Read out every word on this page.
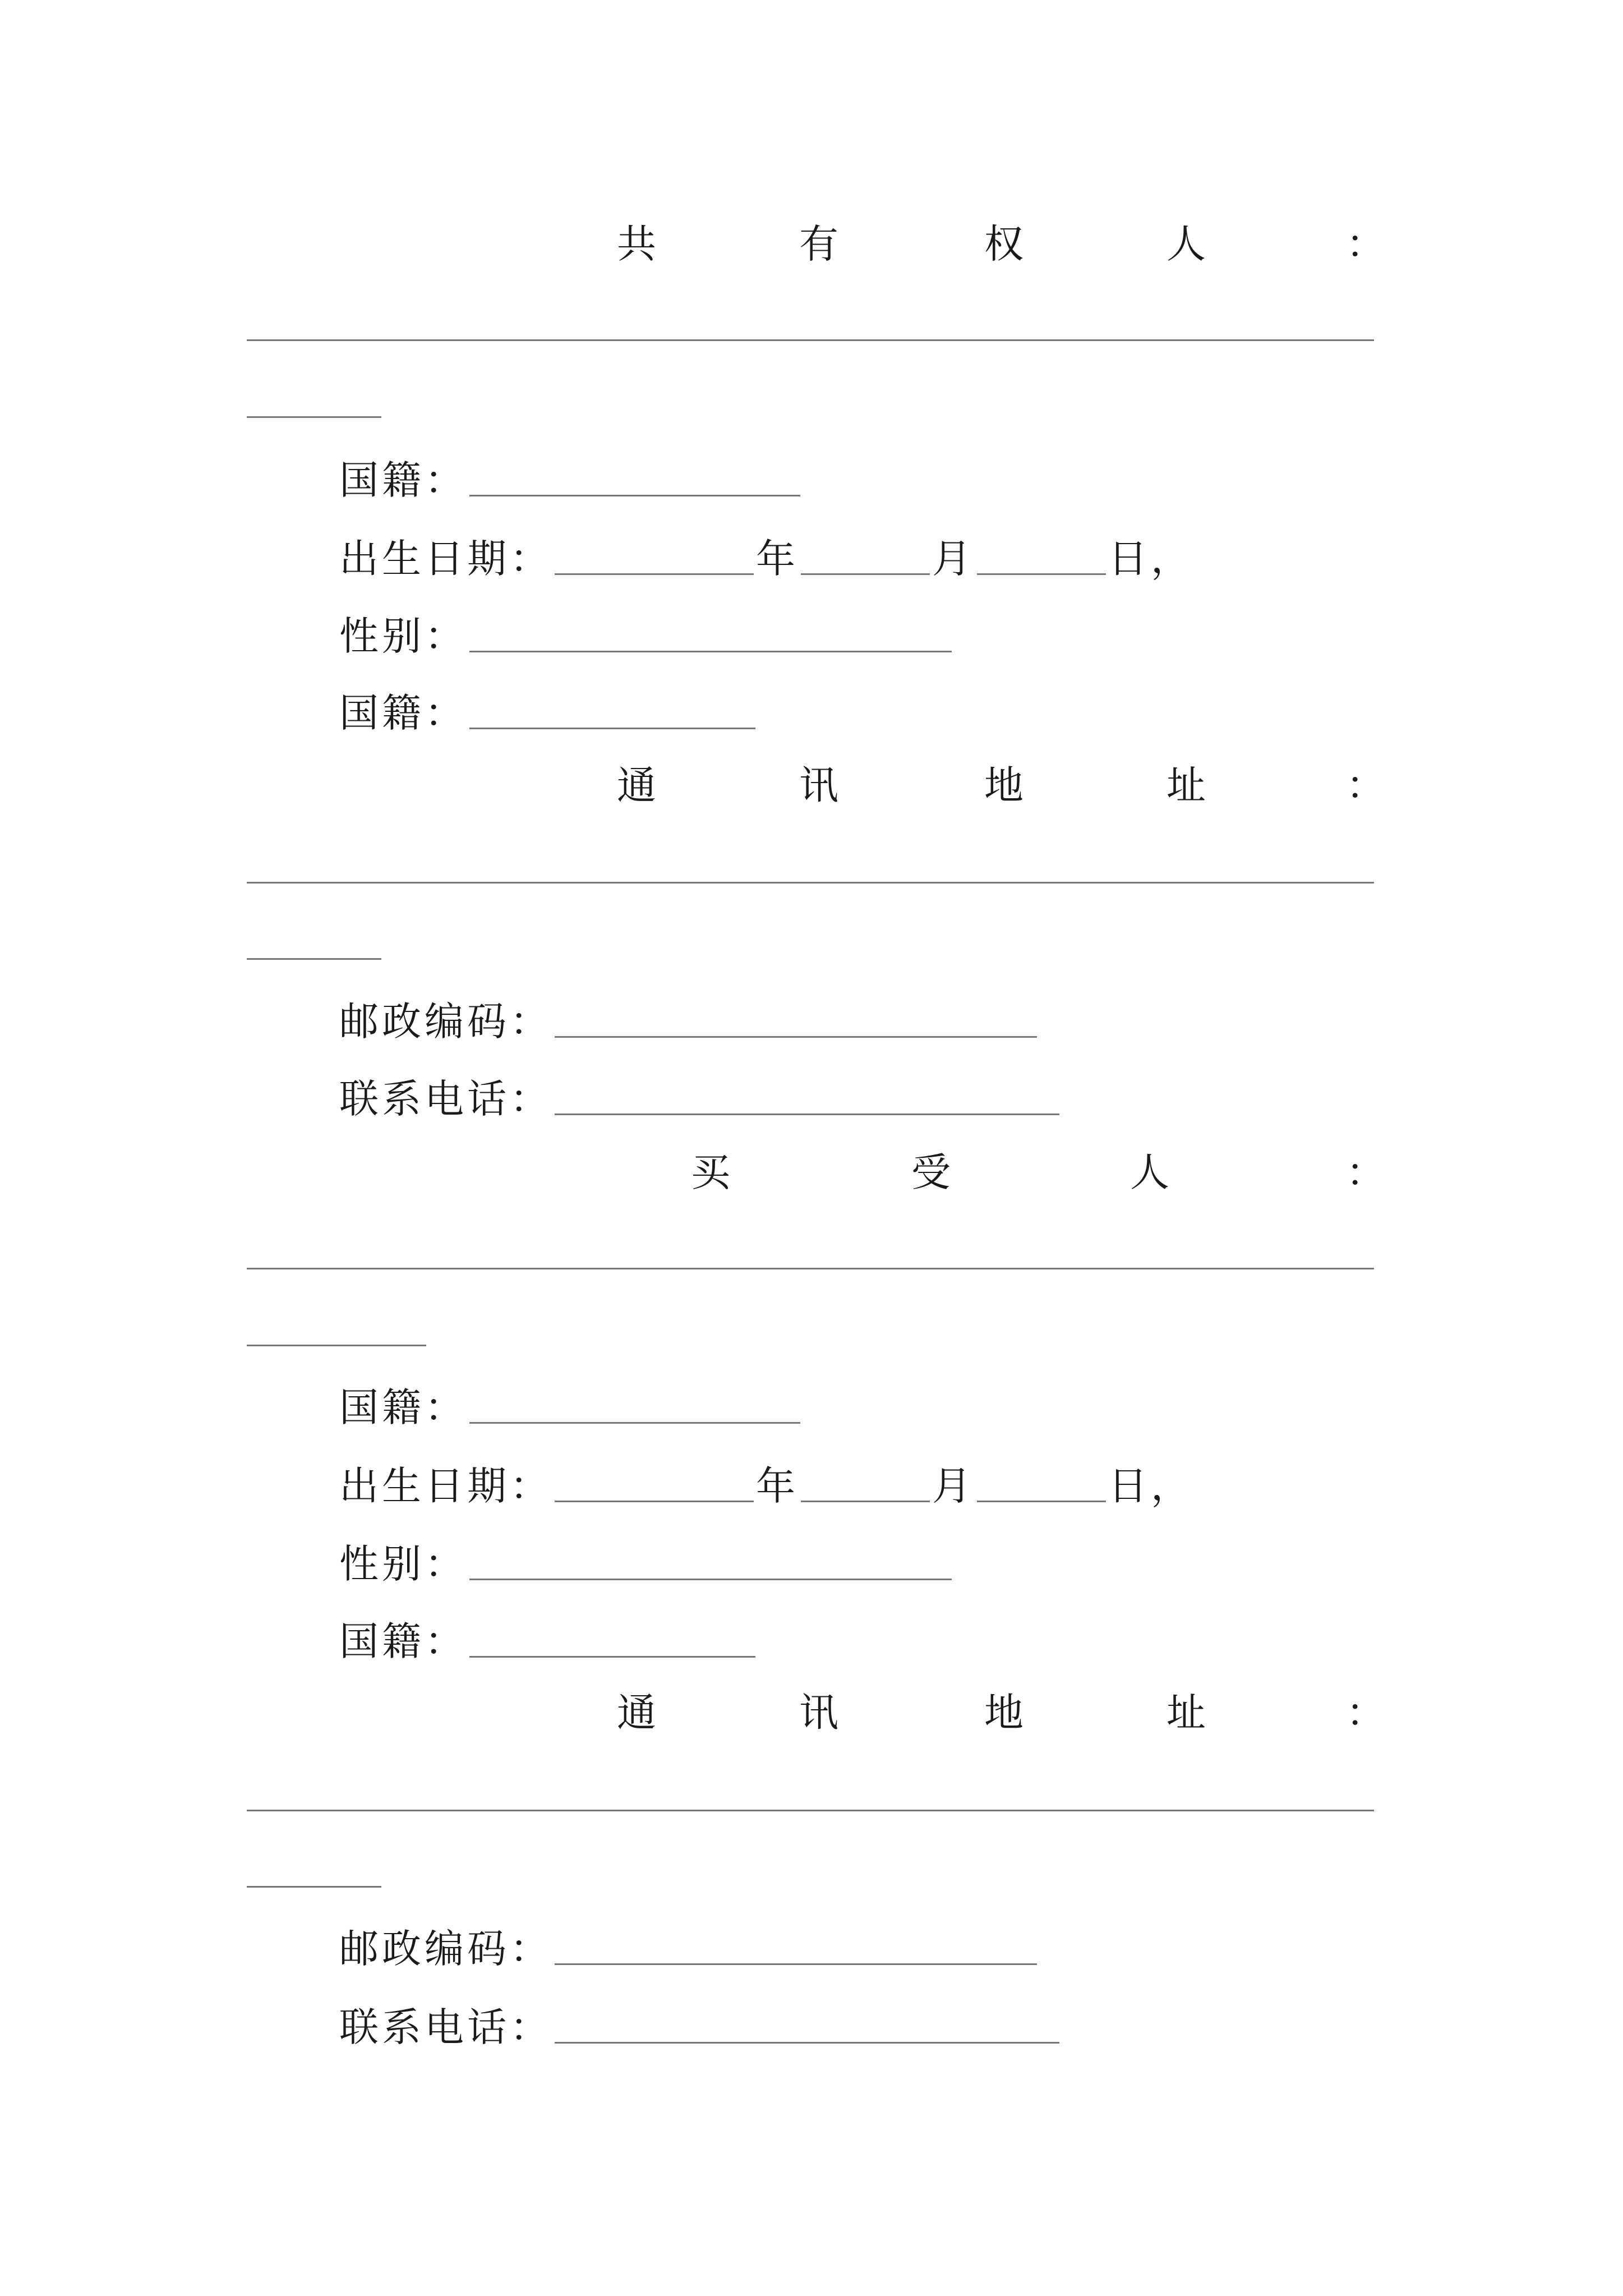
共	有	权	人	：
国籍：
出生日期：	年	月	日，
性别：
国籍：
通	讯	地	址	：
邮政编码：
联系电话：
买	受	人	：
国籍：
出生日期：	年	月	日，
性别：
国籍：
通	讯	地	址	：
邮政编码：
联系电话：
